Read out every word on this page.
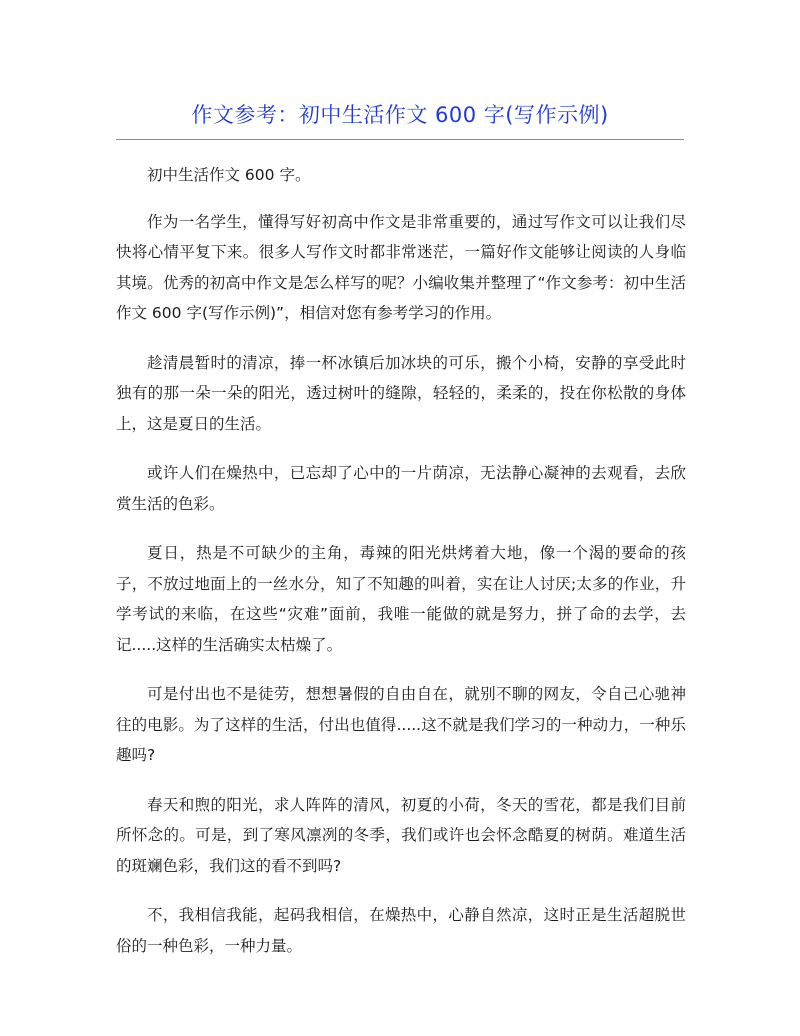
作文参考：初中生活作文 600 字(写作示例)

初中生活作文 600 字。

作为一名学生，懂得写好初高中作文是非常重要的，通过写作文可以让我们尽快将心情平复下来。很多人写作文时都非常迷茫，一篇好作文能够让阅读的人身临其境。优秀的初高中作文是怎么样写的呢？小编收集并整理了“作文参考：初中生活作文 600 字(写作示例)”，相信对您有参考学习的作用。

趁清晨暂时的清凉，捧一杯冰镇后加冰块的可乐，搬个小椅，安静的享受此时独有的那一朵一朵的阳光，透过树叶的缝隙，轻轻的，柔柔的，投在你松散的身体上，这是夏日的生活。

或许人们在燥热中，已忘却了心中的一片荫凉，无法静心凝神的去观看，去欣赏生活的色彩。

夏日，热是不可缺少的主角，毒辣的阳光烘烤着大地，像一个渴的要命的孩子，不放过地面上的一丝水分，知了不知趣的叫着，实在让人讨厌;太多的作业，升学考试的来临，在这些“灾难”面前，我唯一能做的就是努力，拼了命的去学，去记.....这样的生活确实太枯燥了。

可是付出也不是徒劳，想想暑假的自由自在，就别不聊的网友，令自己心驰神往的电影。为了这样的生活，付出也值得.....这不就是我们学习的一种动力，一种乐趣吗?

春天和煦的阳光，求人阵阵的清风，初夏的小荷，冬天的雪花，都是我们目前所怀念的。可是，到了寒风凛冽的冬季，我们或许也会怀念酷夏的树荫。难道生活的斑斓色彩，我们这的看不到吗?

不，我相信我能，起码我相信，在燥热中，心静自然凉，这时正是生活超脱世俗的一种色彩，一种力量。
